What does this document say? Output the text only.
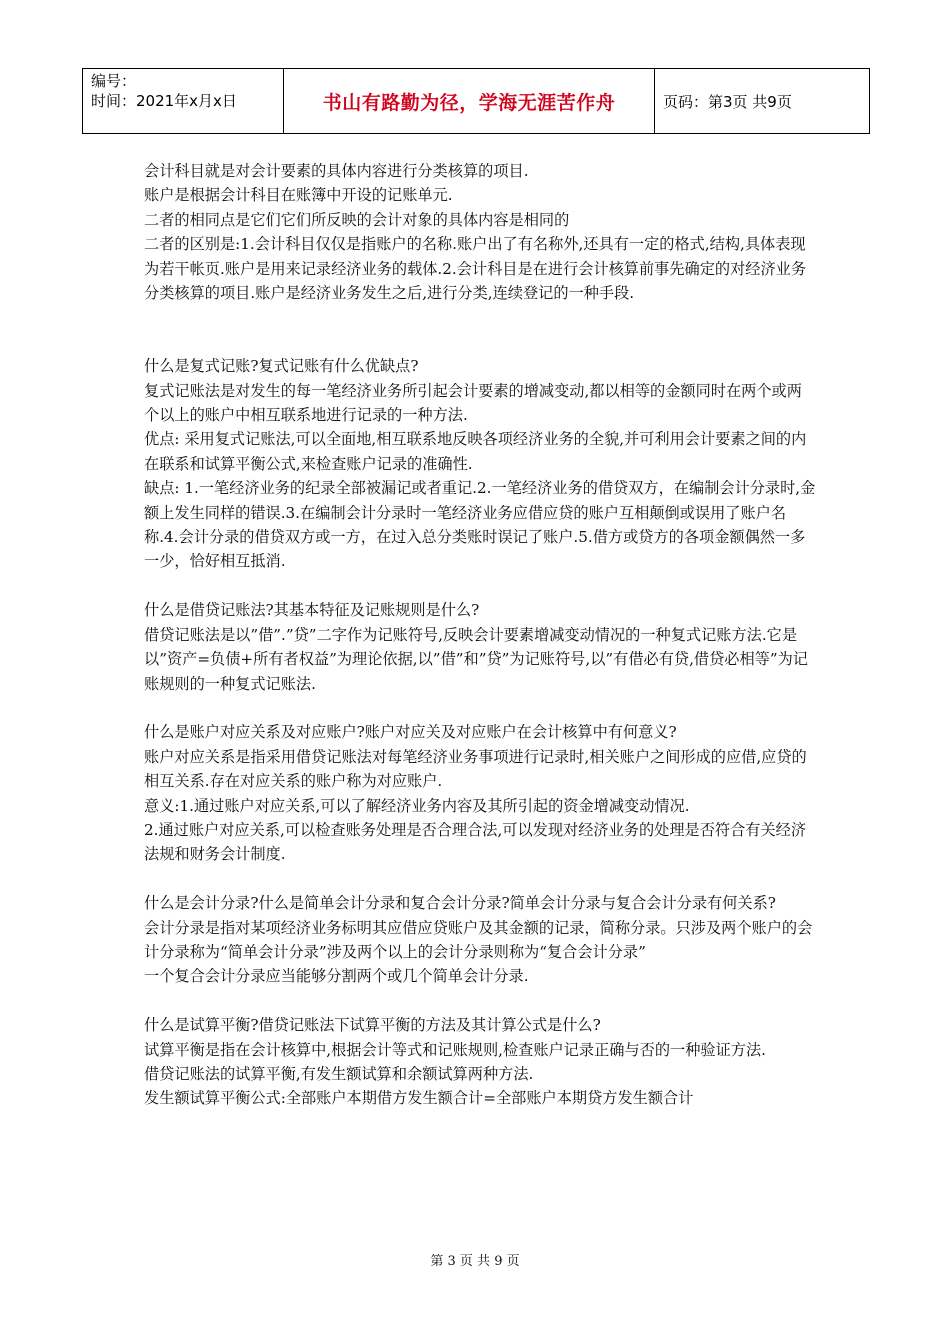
编号：
时间：2021年x月x日	书山有路勤为径，学海无涯苦作舟	页码：第3页 共9页

会计科目就是对会计要素的具体内容进行分类核算的项目.

账户是根据会计科目在账簿中开设的记账单元.

二者的相同点是它们它们所反映的会计对象的具体内容是相同的

二者的区别是:1.会计科目仅仅是指账户的名称.账户出了有名称外,还具有一定的格式,结构,具体表现为若干帐页.账户是用来记录经济业务的载体.2.会计科目是在进行会计核算前事先确定的对经济业务分类核算的项目.账户是经济业务发生之后,进行分类,连续登记的一种手段.

什么是复式记账?复式记账有什么优缺点?

复式记账法是对发生的每一笔经济业务所引起会计要素的增减变动,都以相等的金额同时在两个或两个以上的账户中相互联系地进行记录的一种方法.

优点: 采用复式记账法,可以全面地,相互联系地反映各项经济业务的全貌,并可利用会计要素之间的内在联系和试算平衡公式,来检查账户记录的准确性.

缺点: 1.一笔经济业务的纪录全部被漏记或者重记.2.一笔经济业务的借贷双方，在编制会计分录时,金额上发生同样的错误.3.在编制会计分录时一笔经济业务应借应贷的账户互相颠倒或误用了账户名称.4.会计分录的借贷双方或一方，在过入总分类账时误记了账户.5.借方或贷方的各项金额偶然一多一少，恰好相互抵消.

什么是借贷记账法?其基本特征及记账规则是什么?

借贷记账法是以”借”.”贷”二字作为记账符号,反映会计要素增减变动情况的一种复式记账方法.它是以”资产=负债+所有者权益”为理论依据,以”借”和”贷”为记账符号,以”有借必有贷,借贷必相等”为记账规则的一种复式记账法.

什么是账户对应关系及对应账户?账户对应关及对应账户在会计核算中有何意义?

账户对应关系是指采用借贷记账法对每笔经济业务事项进行记录时,相关账户之间形成的应借,应贷的相互关系.存在对应关系的账户称为对应账户.

意义:1.通过账户对应关系,可以了解经济业务内容及其所引起的资金增减变动情况.

2.通过账户对应关系,可以检查账务处理是否合理合法,可以发现对经济业务的处理是否符合有关经济法规和财务会计制度.

什么是会计分录?什么是简单会计分录和复合会计分录?简单会计分录与复合会计分录有何关系?

会计分录是指对某项经济业务标明其应借应贷账户及其金额的记录，简称分录。只涉及两个账户的会计分录称为“简单会计分录”涉及两个以上的会计分录则称为“复合会计分录”

一个复合会计分录应当能够分割两个或几个简单会计分录.

什么是试算平衡?借贷记账法下试算平衡的方法及其计算公式是什么?

试算平衡是指在会计核算中,根据会计等式和记账规则,检查账户记录正确与否的一种验证方法.

借贷记账法的试算平衡,有发生额试算和余额试算两种方法.

发生额试算平衡公式:全部账户本期借方发生额合计=全部账户本期贷方发生额合计

第 3 页 共 9 页
